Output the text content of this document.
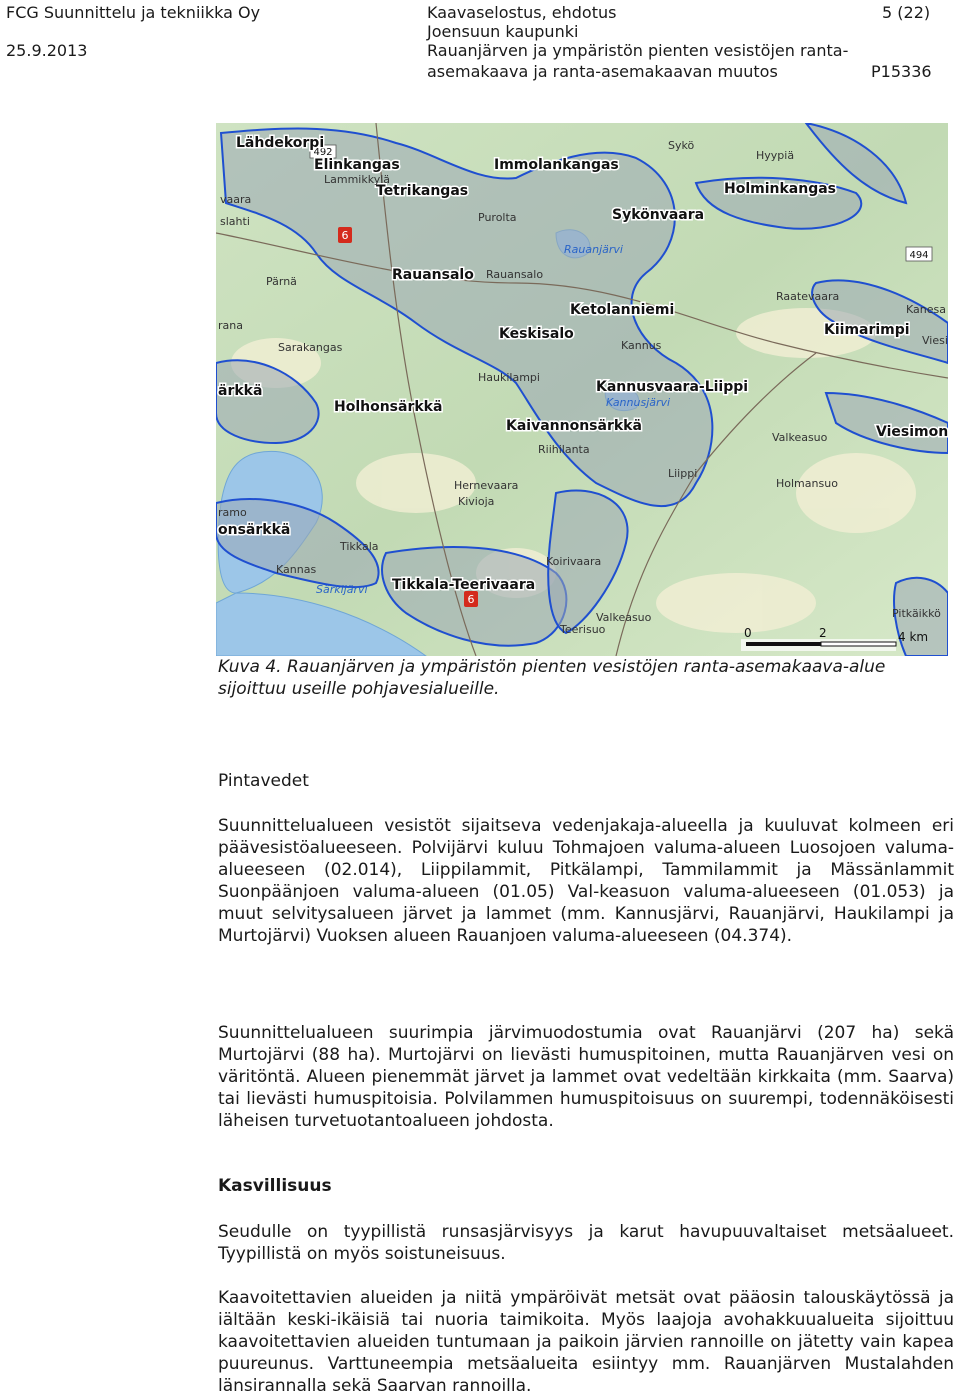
FCG Suunnittelu ja tekniikka Oy
25.9.2013
Kaavaselostus, ehdotus
Joensuun kaupunki
Rauanjärven ja ympäristön pienten vesistöjen ranta-
asemakaava ja ranta-asemakaavan muutos	P15336
5 (22)
6
6
494
492
Lähdekorpi
Elinkangas	Immolankangas
Tetrikangas
Sykönvaara
Holminkangas
Rauansalo
Ketolanniemi
Keskisalo	Kiimarimpi
Kannusvaara-Liippi
Holhonsärkkä
Kaivannonsärkkä	Viesimon
onsärkkä
Tikkala-Teerivaara
ärkkä
Lammikkylä
Purolta
Sykö
Hyypiä
vaara
slahti
Pärnä
Rauansalo
Raatevaara
Kanesa
Sarakangas	Kannus	Viesi
Haukilampi
Riihilanta
Valkeasuo
Hernevaara
Kivioja
Liippi
Holmansuo
Tikkala
Koirivaara
Kannas
Valkeasuo	Pitkäikkö
Teerisuo
ramo
rana
Rauanjärvi
Kannusjärvi
Särkijärvi
0	2	4 km
Kuva 4. Rauanjärven ja ympäristön pienten vesistöjen ranta-asemakaava-alue sijoittuu useille pohjavesialueille.
Pintavedet
Suunnittelualueen vesistöt sijaitseva vedenjakaja-alueella ja kuuluvat kolmeen eri päävesistöalueeseen. Polvijärvi kuluu Tohmajoen valuma-alueen Luosojoen valuma-alueeseen (02.014), Liippilammit, Pitkälampi, Tammilammit ja Mässänlammit Suonpäänjoen valuma-alueen (01.05) Val-keasuon valuma-alueeseen (01.053) ja muut selvitysalueen järvet ja lammet (mm. Kannusjärvi, Rauanjärvi, Haukilampi ja Murtojärvi) Vuoksen alueen Rauanjoen valuma-alueeseen (04.374).
Suunnittelualueen suurimpia järvimuodostumia ovat Rauanjärvi (207 ha) sekä Murtojärvi (88 ha). Murtojärvi on lievästi humuspitoinen, mutta Rauanjärven vesi on väritöntä. Alueen pienemmät järvet ja lammet ovat vedeltään kirkkaita (mm. Saarva) tai lievästi humuspitoisia. Polvilammen humuspitoisuus on suurempi, todennäköisesti läheisen turvetuotantoalueen johdosta.
Kasvillisuus
Seudulle on tyypillistä runsasjärvisyys ja karut havupuuvaltaiset metsäalueet. Tyypillistä on myös soistuneisuus.
Kaavoitettavien alueiden ja niitä ympäröivät metsät ovat pääosin talouskäytössä ja iältään keski-ikäisiä tai nuoria taimikoita. Myös laajoja avohakkuualueita sijoittuu kaavoitettavien alueiden tuntumaan ja paikoin järvien rannoille on jätetty vain kapea puureunus. Varttuneempia metsäalueita esiintyy mm. Rauanjärven Mustalahden länsirannalla sekä Saarvan rannoilla.
